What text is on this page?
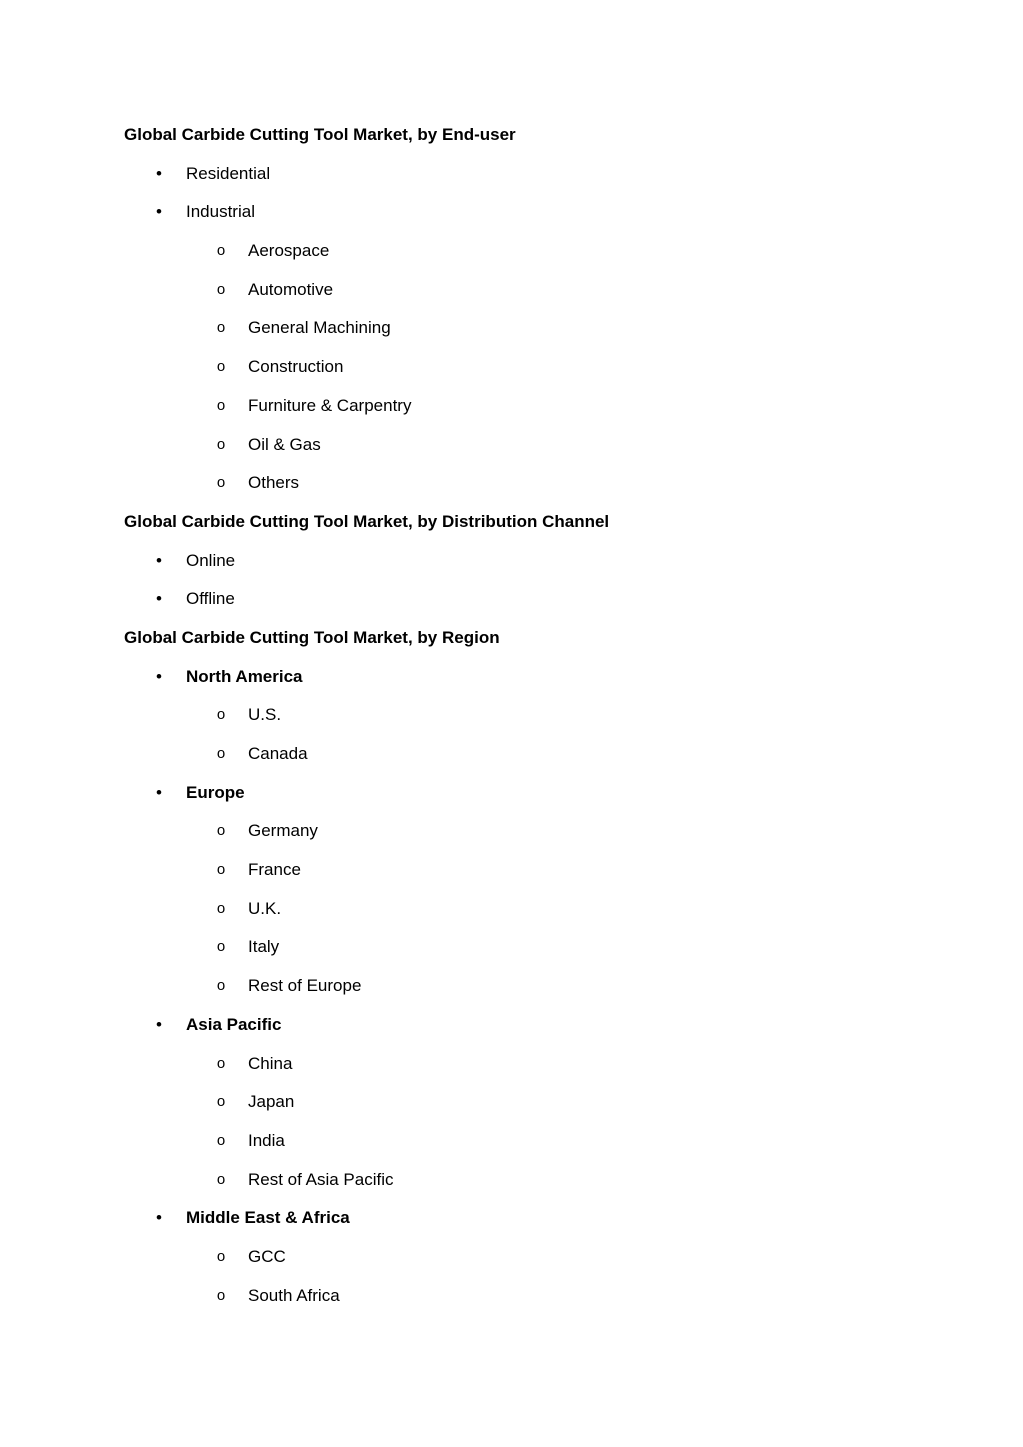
Global Carbide Cutting Tool Market, by End-user
• Residential
• Industrial
o Aerospace
o Automotive
o General Machining
o Construction
o Furniture & Carpentry
o Oil & Gas
o Others
Global Carbide Cutting Tool Market, by Distribution Channel
• Online
• Offline
Global Carbide Cutting Tool Market, by Region
• North America
o U.S.
o Canada
• Europe
o Germany
o France
o U.K.
o Italy
o Rest of Europe
• Asia Pacific
o China
o Japan
o India
o Rest of Asia Pacific
• Middle East & Africa
o GCC
o South Africa
